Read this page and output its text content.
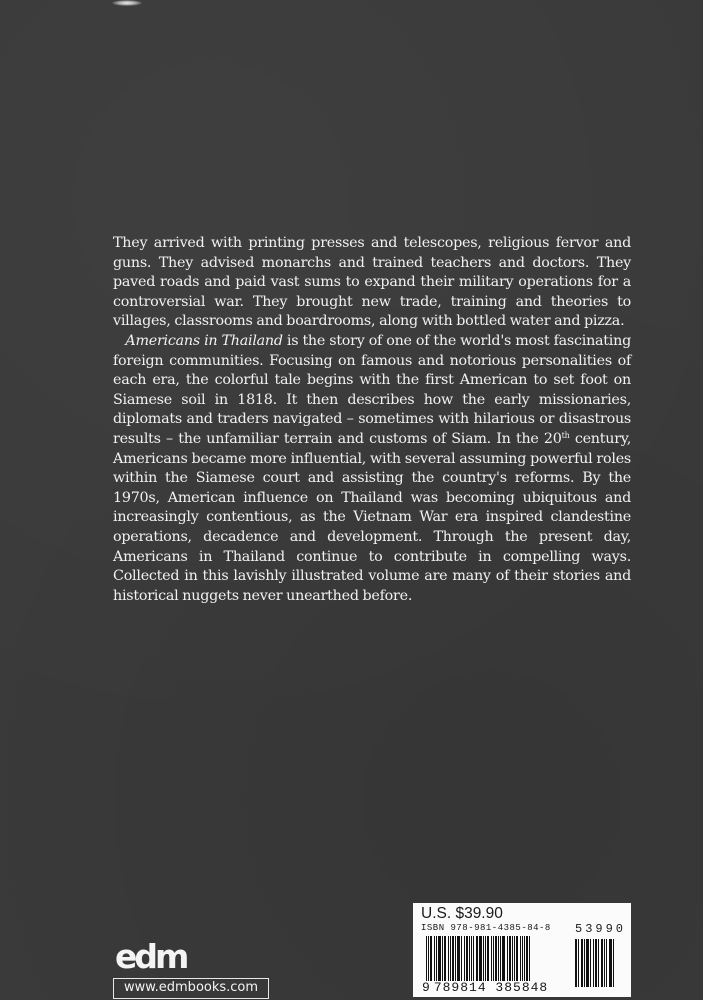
They arrived with printing presses and telescopes, religious fervor and guns. They advised monarchs and trained teachers and doctors. They paved roads and paid vast sums to expand their military operations for a controversial war. They brought new trade, training and theories to villages, classrooms and boardrooms, along with bottled water and pizza.

Americans in Thailand is the story of one of the world's most fascinating foreign communities. Focusing on famous and notorious personalities of each era, the colorful tale begins with the first American to set foot on Siamese soil in 1818. It then describes how the early missionaries, diplomats and traders navigated – sometimes with hilarious or disastrous results – the unfamiliar terrain and customs of Siam. In the 20th century, Americans became more influential, with several assuming powerful roles within the Siamese court and assisting the country's reforms. By the 1970s, American influence on Thailand was becoming ubiquitous and increasingly contentious, as the Vietnam War era inspired clandestine operations, decadence and development. Through the present day, Americans in Thailand continue to contribute in compelling ways. Collected in this lavishly illustrated volume are many of their stories and historical nuggets never unearthed before.

edm
www.edmbooks.com
U.S. $39.90
ISBN 978-981-4385-84-8
9 789814 385848
53990
